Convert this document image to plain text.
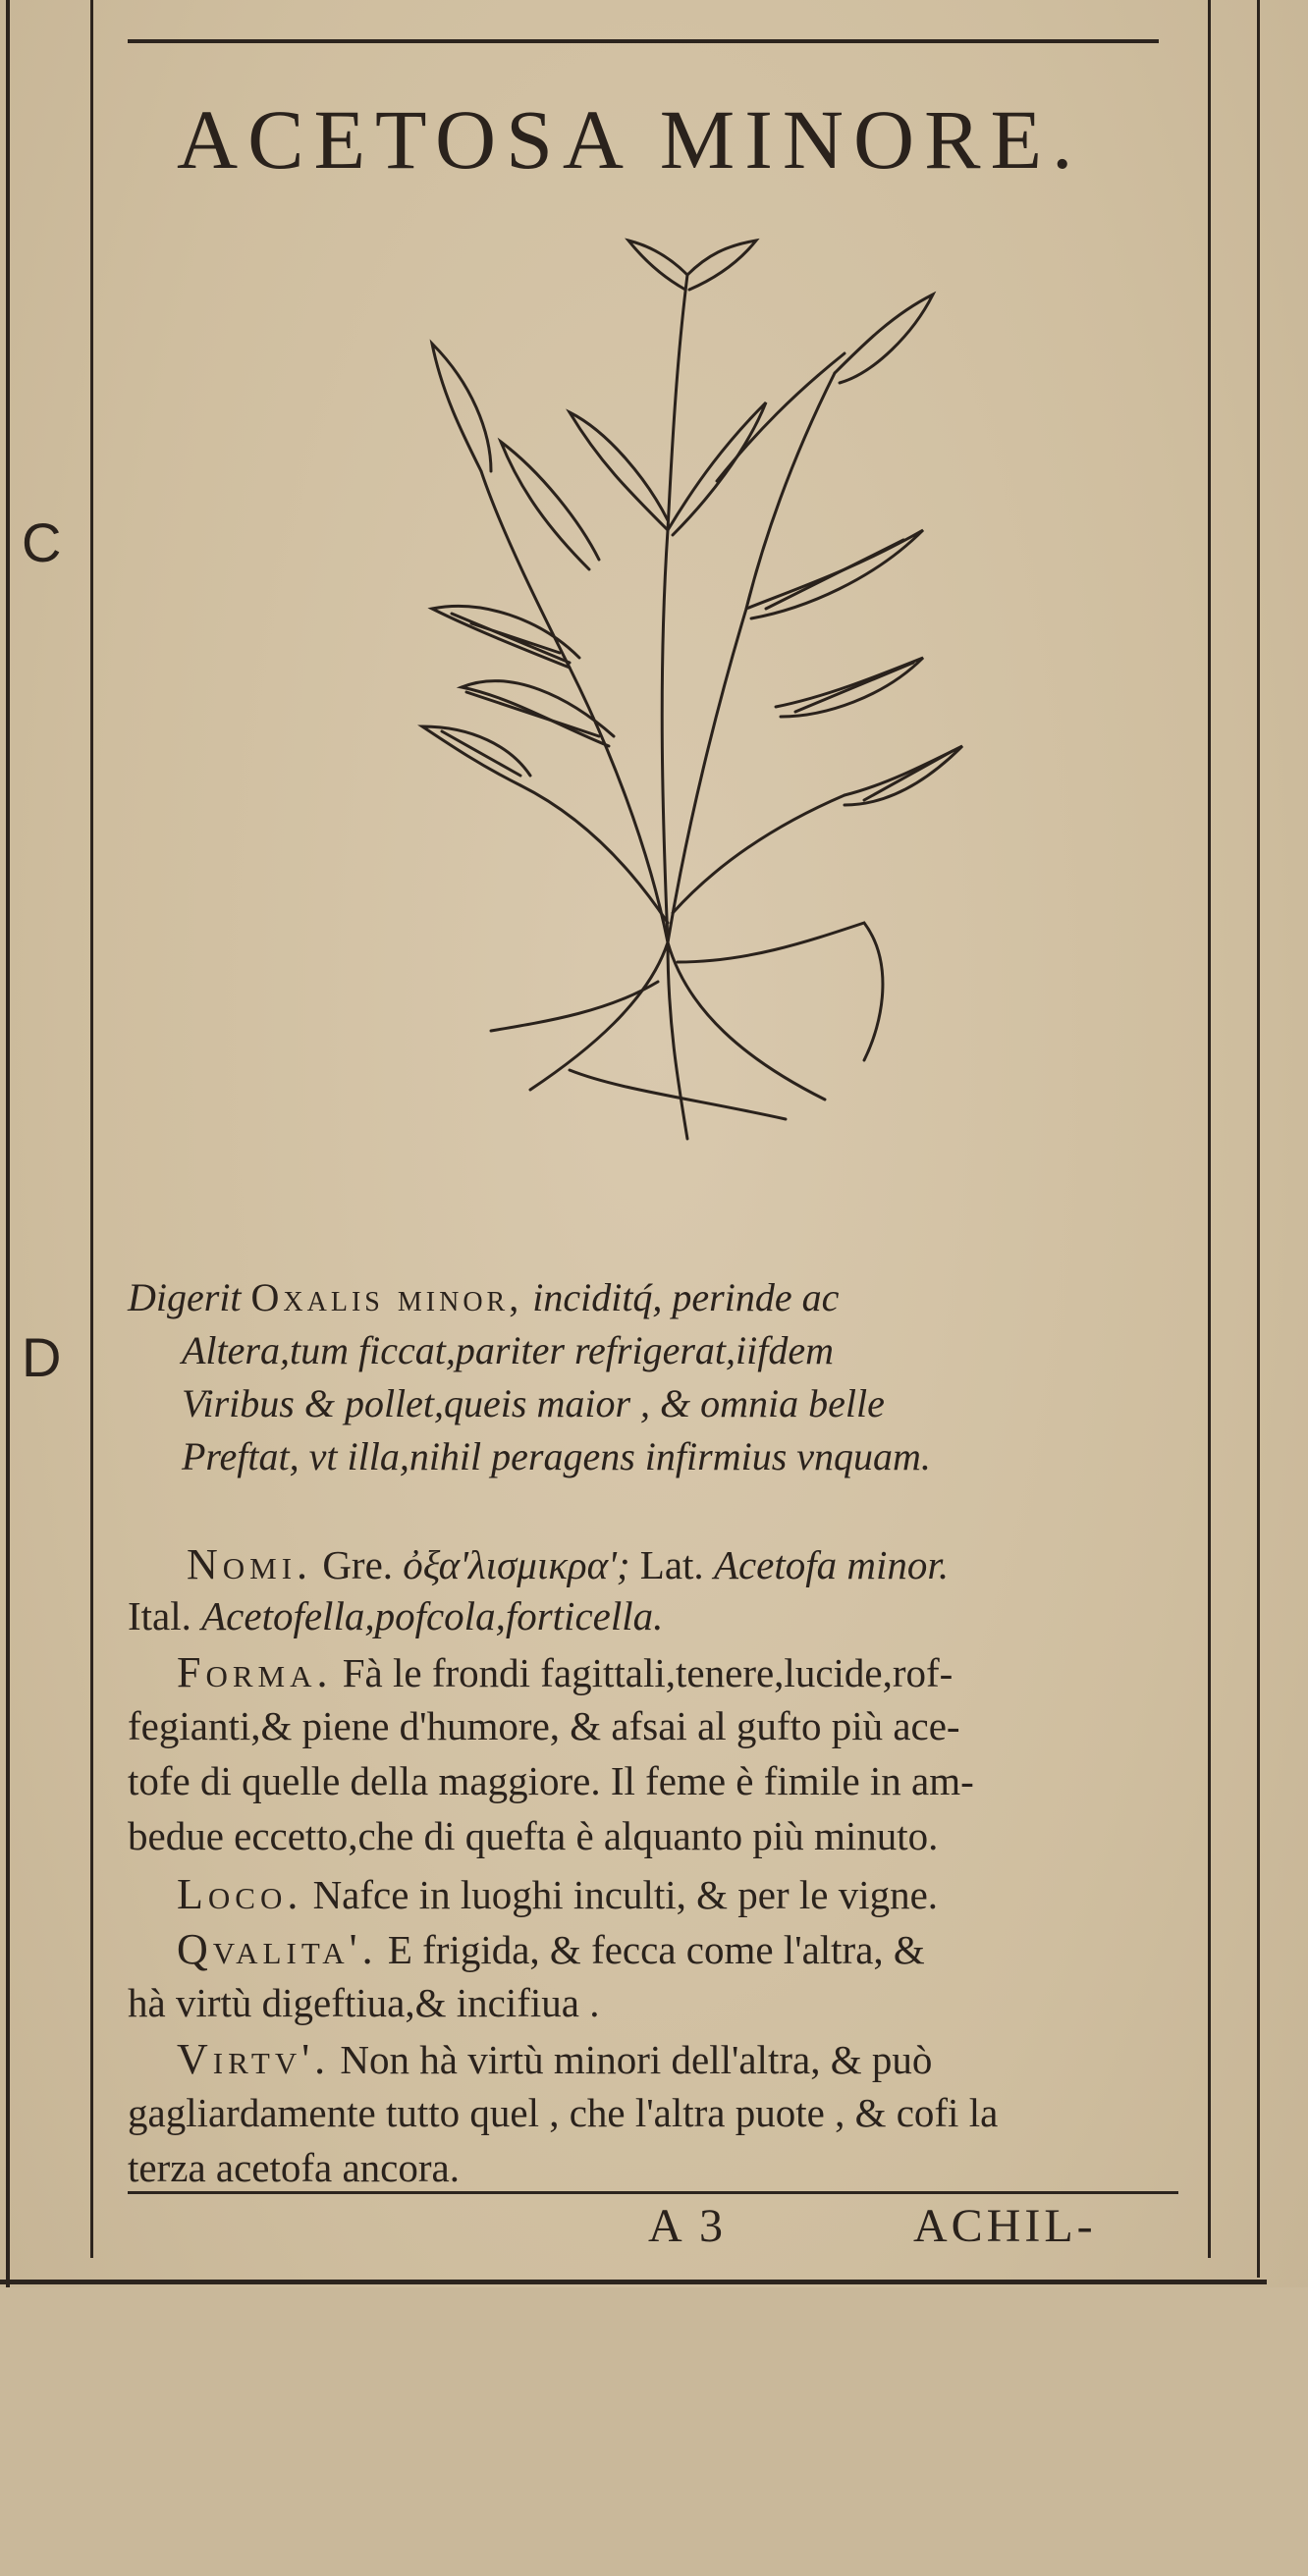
ACETOSA MINORE.
C
D
Digerit Oxalis minor, inciditq́, perinde ac
Altera,tum ficcat,pariter refrigerat,iifdem
Viribus & pollet,queis maior , & omnia belle
Preftat, vt illa,nihil peragens infirmius vnquam.
Nomi. Gre. ὀξα'λισμικρα'; Lat. Acetofa minor.
Ital. Acetofella,pofcola,forticella.
Forma. Fà le frondi fagittali,tenere,lucide,rof-
fegianti,& piene d'humore, & afsai al gufto più ace-
tofe di quelle della maggiore. Il feme è fimile in am-
bedue eccetto,che di quefta è alquanto più minuto.
Loco. Nafce in luoghi inculti, & per le vigne.
Qvalita'. E frigida, & fecca come l'altra, &
hà virtù digeftiua,& incifiua .
Virtv'. Non hà virtù minori dell'altra, & può
gagliardamente tutto quel , che l'altra puote , & cofi la
terza acetofa ancora.
A 3	ACHIL-
